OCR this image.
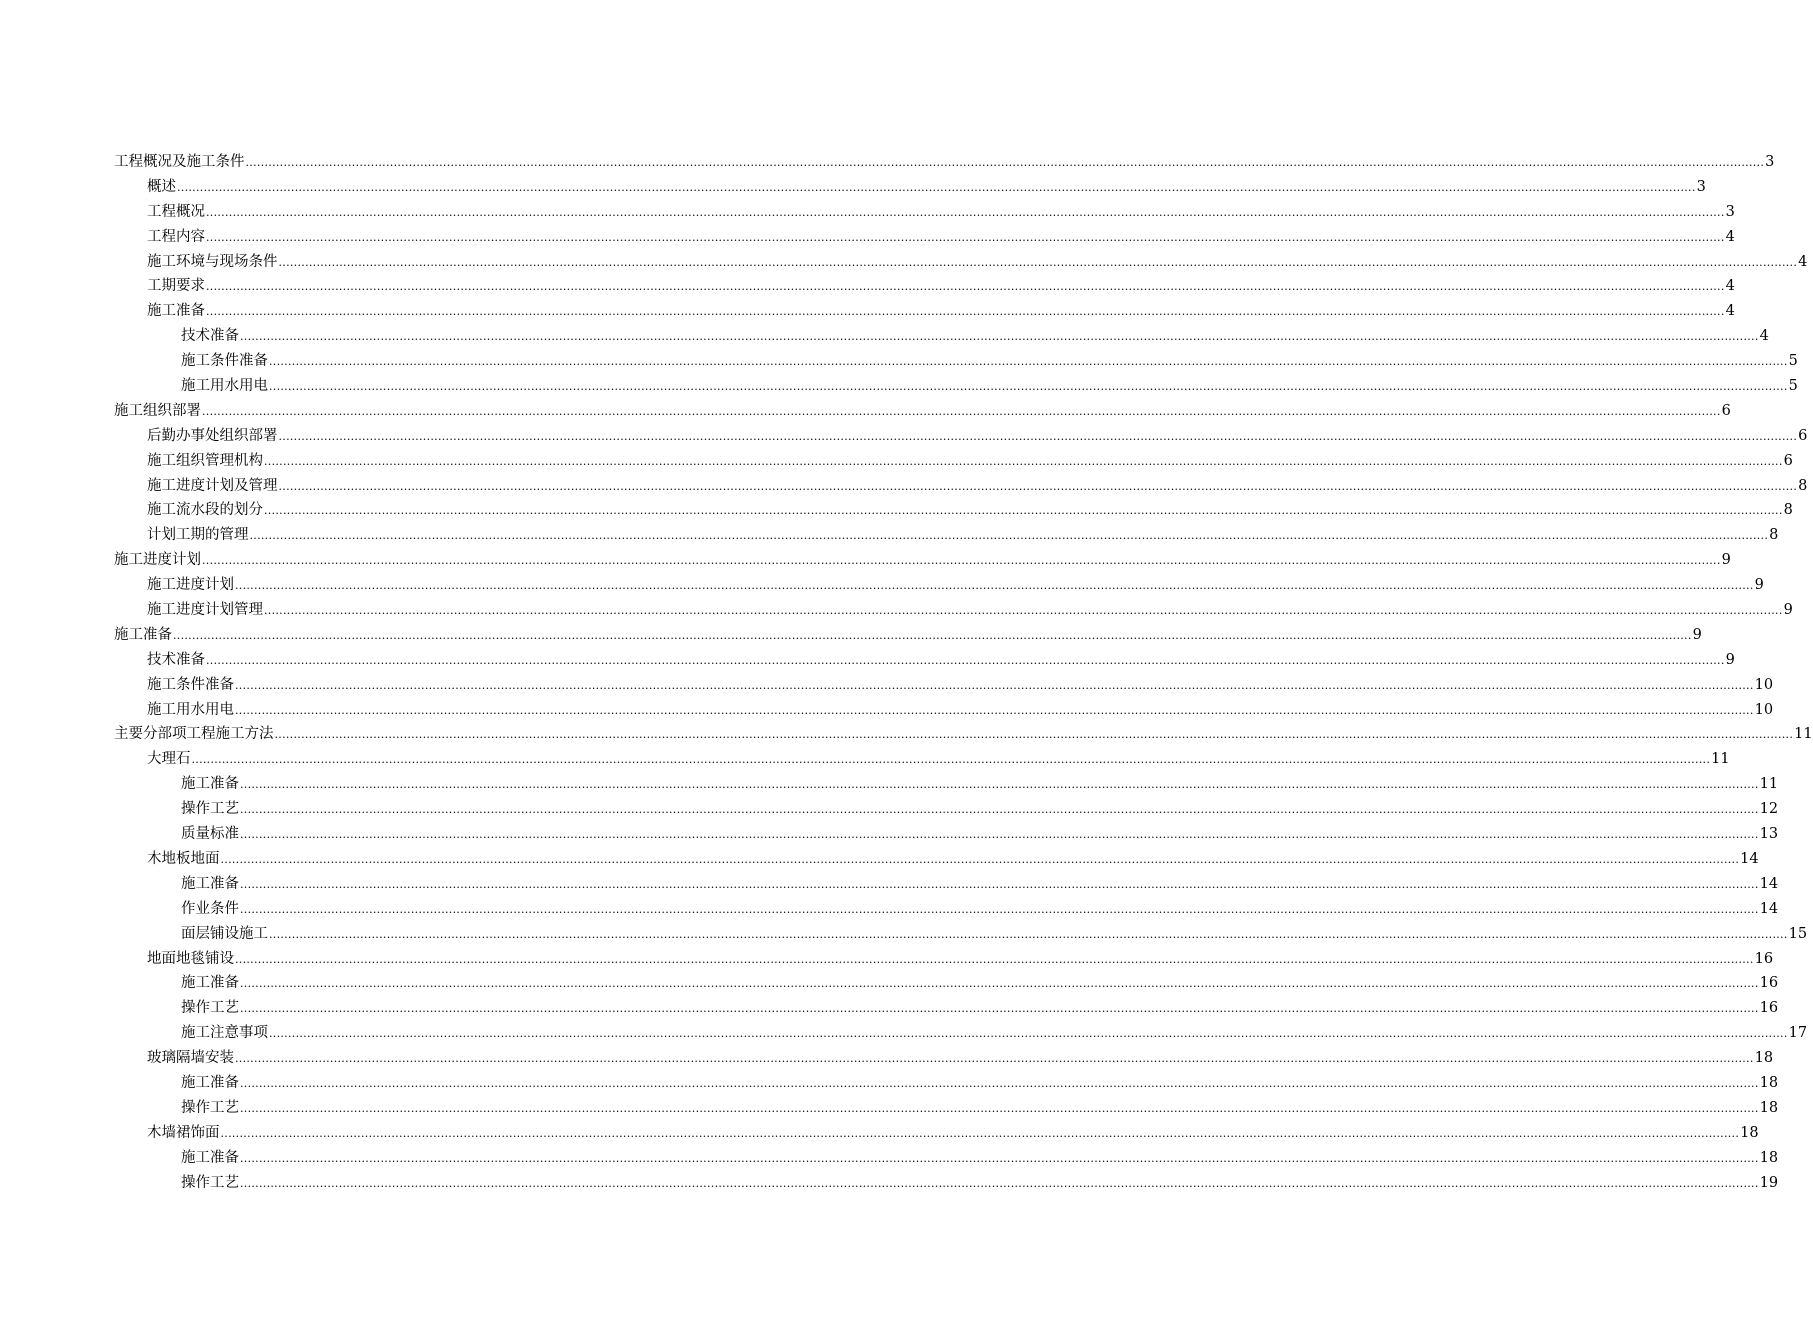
工程概况及施工条件 ................................................................................................................................................................................................................................................................................................................................................................................................................ 3
概述 ................................................................................................................................................................................................................................................................................................................................................................................................................ 3
工程概况 ................................................................................................................................................................................................................................................................................................................................................................................................................ 3
工程内容 ................................................................................................................................................................................................................................................................................................................................................................................................................ 4
施工环境与现场条件 ................................................................................................................................................................................................................................................................................................................................................................................................................ 4
工期要求 ................................................................................................................................................................................................................................................................................................................................................................................................................ 4
施工准备 ................................................................................................................................................................................................................................................................................................................................................................................................................ 4
技术准备 ................................................................................................................................................................................................................................................................................................................................................................................................................ 4
施工条件准备 ................................................................................................................................................................................................................................................................................................................................................................................................................ 5
施工用水用电 ................................................................................................................................................................................................................................................................................................................................................................................................................ 5
施工组织部署 ................................................................................................................................................................................................................................................................................................................................................................................................................ 6
后勤办事处组织部署 ................................................................................................................................................................................................................................................................................................................................................................................................................ 6
施工组织管理机构 ................................................................................................................................................................................................................................................................................................................................................................................................................ 6
施工进度计划及管理 ................................................................................................................................................................................................................................................................................................................................................................................................................ 8
施工流水段的划分 ................................................................................................................................................................................................................................................................................................................................................................................................................ 8
计划工期的管理 ................................................................................................................................................................................................................................................................................................................................................................................................................ 8
施工进度计划 ................................................................................................................................................................................................................................................................................................................................................................................................................ 9
施工进度计划 ................................................................................................................................................................................................................................................................................................................................................................................................................ 9
施工进度计划管理 ................................................................................................................................................................................................................................................................................................................................................................................................................ 9
施工准备 ................................................................................................................................................................................................................................................................................................................................................................................................................ 9
技术准备 ................................................................................................................................................................................................................................................................................................................................................................................................................ 9
施工条件准备 ................................................................................................................................................................................................................................................................................................................................................................................................................ 10
施工用水用电 ................................................................................................................................................................................................................................................................................................................................................................................................................ 10
主要分部项工程施工方法 ................................................................................................................................................................................................................................................................................................................................................................................................................ 11
大理石 ................................................................................................................................................................................................................................................................................................................................................................................................................ 11
施工准备 ................................................................................................................................................................................................................................................................................................................................................................................................................ 11
操作工艺 ................................................................................................................................................................................................................................................................................................................................................................................................................ 12
质量标准 ................................................................................................................................................................................................................................................................................................................................................................................................................ 13
木地板地面 ................................................................................................................................................................................................................................................................................................................................................................................................................ 14
施工准备 ................................................................................................................................................................................................................................................................................................................................................................................................................ 14
作业条件 ................................................................................................................................................................................................................................................................................................................................................................................................................ 14
面层铺设施工 ................................................................................................................................................................................................................................................................................................................................................................................................................ 15
地面地毯铺设 ................................................................................................................................................................................................................................................................................................................................................................................................................ 16
施工准备 ................................................................................................................................................................................................................................................................................................................................................................................................................ 16
操作工艺 ................................................................................................................................................................................................................................................................................................................................................................................................................ 16
施工注意事项 ................................................................................................................................................................................................................................................................................................................................................................................................................ 17
玻璃隔墙安装 ................................................................................................................................................................................................................................................................................................................................................................................................................ 18
施工准备 ................................................................................................................................................................................................................................................................................................................................................................................................................ 18
操作工艺 ................................................................................................................................................................................................................................................................................................................................................................................................................ 18
木墙裙饰面 ................................................................................................................................................................................................................................................................................................................................................................................................................ 18
施工准备 ................................................................................................................................................................................................................................................................................................................................................................................................................ 18
操作工艺 ................................................................................................................................................................................................................................................................................................................................................................................................................ 19
